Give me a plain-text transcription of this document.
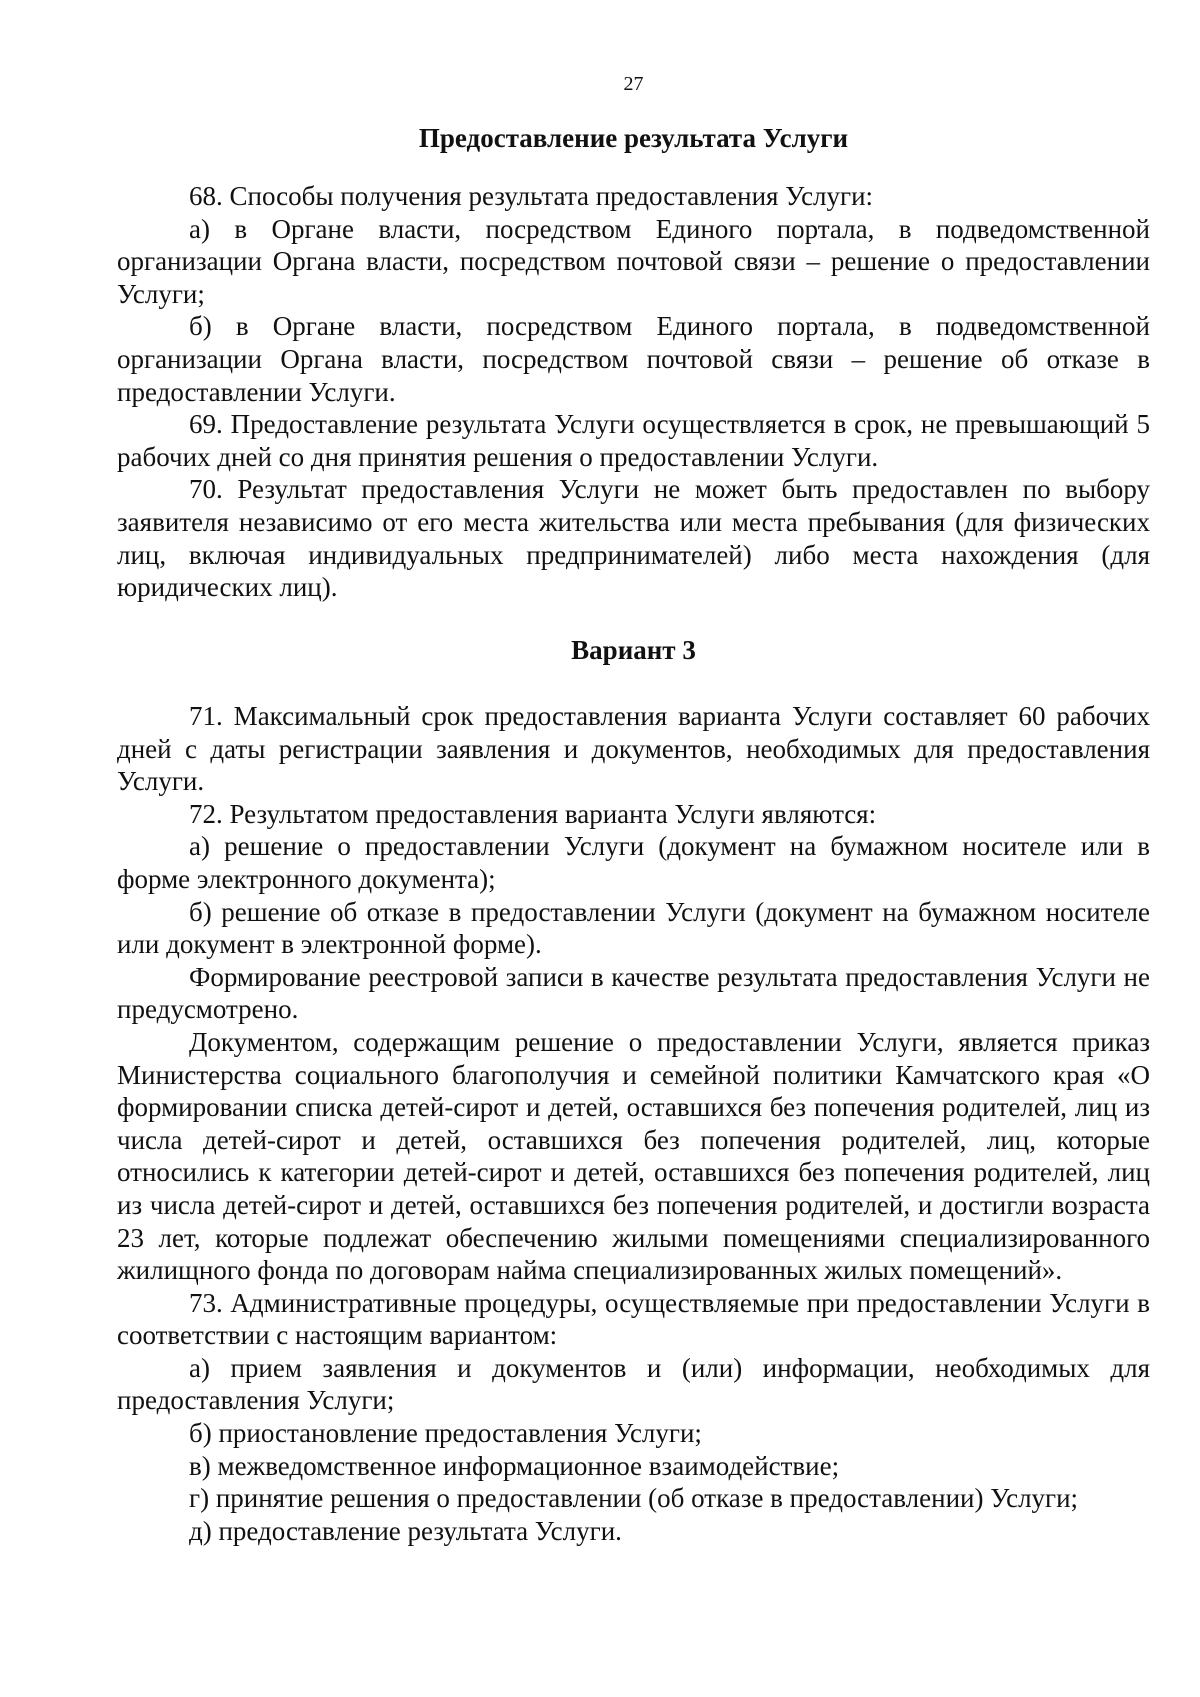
27
Предоставление результата Услуги

68. Способы получения результата предоставления Услуги:

а) в Органе власти, посредством Единого портала, в подведомственной организации Органа власти, посредством почтовой связи – решение о предоставлении Услуги;

б) в Органе власти, посредством Единого портала, в подведомственной организации Органа власти, посредством почтовой связи – решение об отказе в предоставлении Услуги.

69. Предоставление результата Услуги осуществляется в срок, не превышающий 5 рабочих дней со дня принятия решения о предоставлении Услуги.

70. Результат предоставления Услуги не может быть предоставлен по выбору заявителя независимо от его места жительства или места пребывания (для физических лиц, включая индивидуальных предпринимателей) либо места нахождения (для юридических лиц).

Вариант 3

71. Максимальный срок предоставления варианта Услуги составляет 60 рабочих дней с даты регистрации заявления и документов, необходимых для предоставления Услуги.

72. Результатом предоставления варианта Услуги являются:

а) решение о предоставлении Услуги (документ на бумажном носителе или в форме электронного документа);

б) решение об отказе в предоставлении Услуги (документ на бумажном носителе или документ в электронной форме).

Формирование реестровой записи в качестве результата предоставления Услуги не предусмотрено.

Документом, содержащим решение о предоставлении Услуги, является приказ Министерства социального благополучия и семейной политики Камчатского края «О формировании списка детей-сирот и детей, оставшихся без попечения родителей, лиц из числа детей-сирот и детей, оставшихся без попечения родителей, лиц, которые относились к категории детей-сирот и детей, оставшихся без попечения родителей, лиц из числа детей-сирот и детей, оставшихся без попечения родителей, и достигли возраста 23 лет, которые подлежат обеспечению жилыми помещениями специализированного жилищного фонда по договорам найма специализированных жилых помещений».

73. Административные процедуры, осуществляемые при предоставлении Услуги в соответствии с настоящим вариантом:

а) прием заявления и документов и (или) информации, необходимых для предоставления Услуги;

б) приостановление предоставления Услуги;

в) межведомственное информационное взаимодействие;

г) принятие решения о предоставлении (об отказе в предоставлении) Услуги;

д) предоставление результата Услуги.
